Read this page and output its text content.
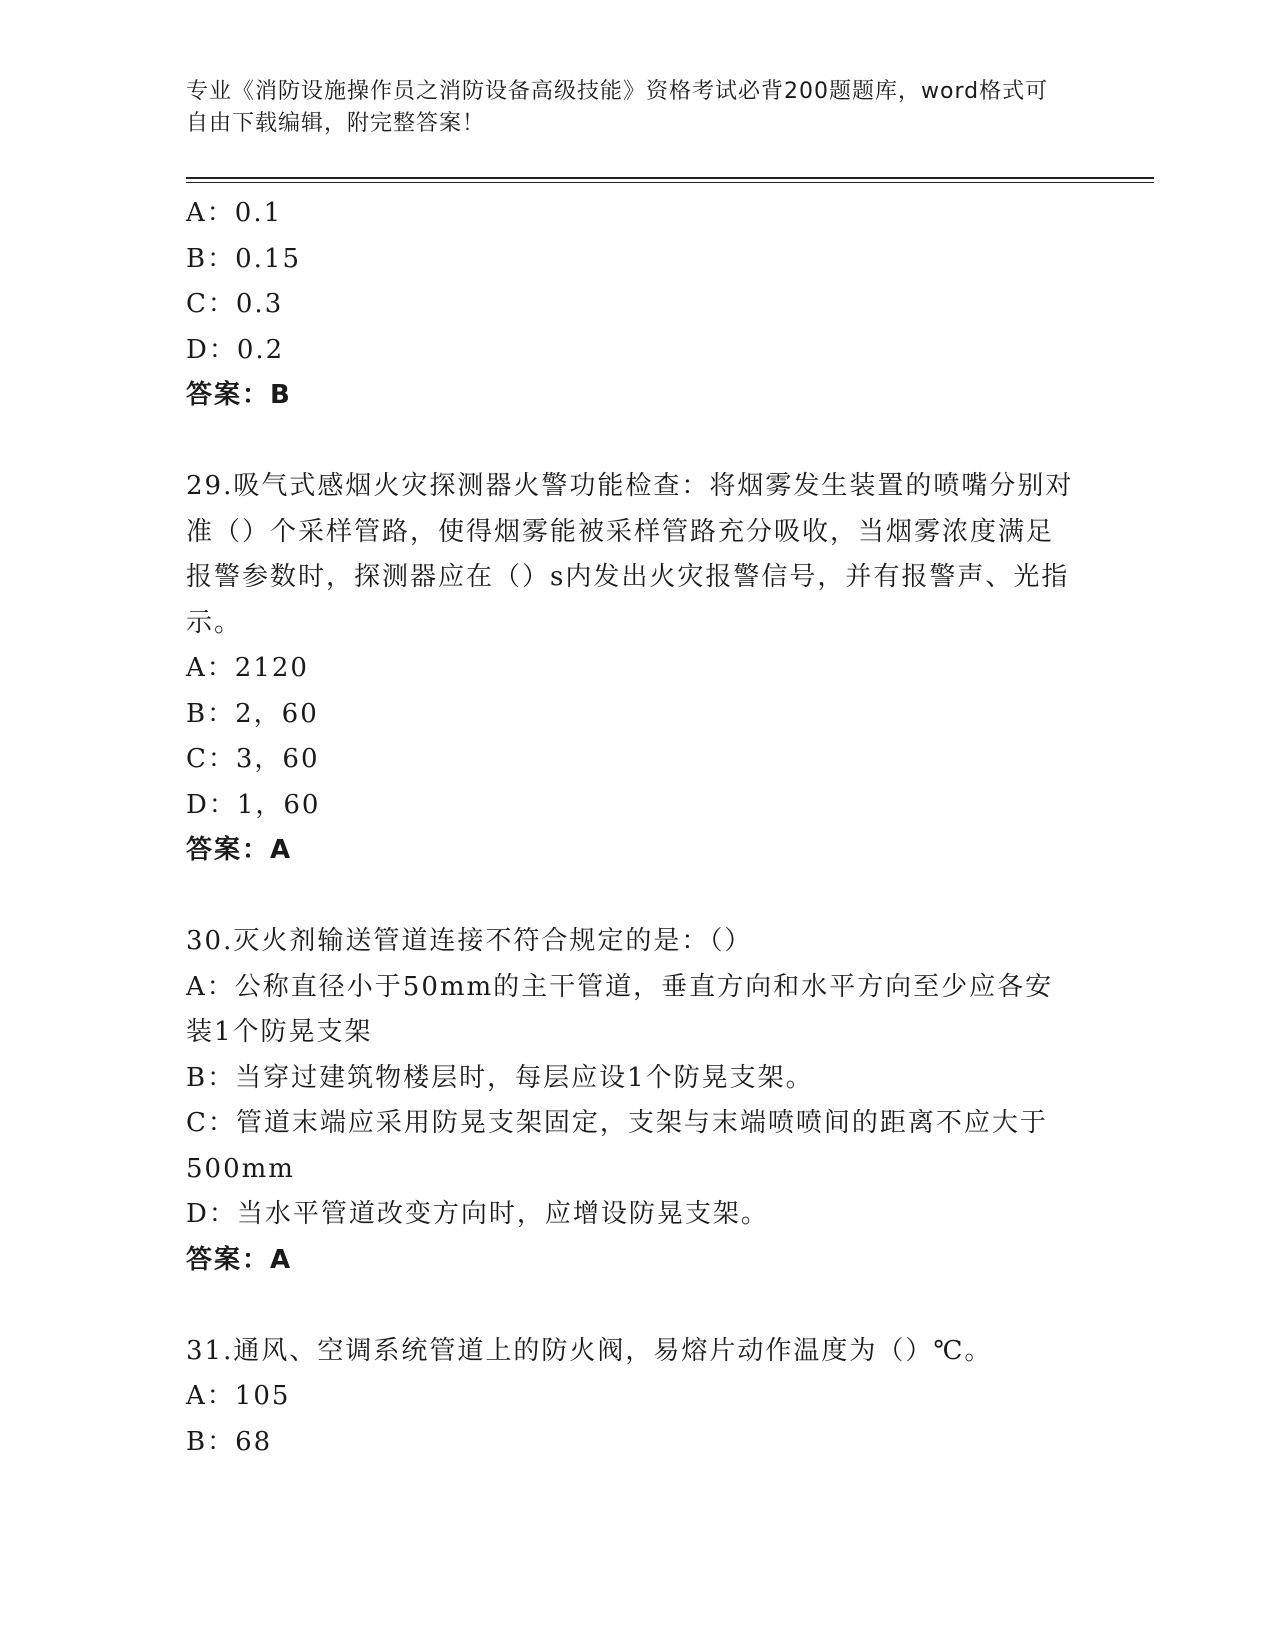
专业《消防设施操作员之消防设备高级技能》资格考试必背200题题库，word格式可自由下载编辑，附完整答案！
A：0.1
B：0.15
C：0.3
D：0.2
答案：B
29.吸气式感烟火灾探测器火警功能检查：将烟雾发生装置的喷嘴分别对准（）个采样管路，使得烟雾能被采样管路充分吸收，当烟雾浓度满足报警参数时，探测器应在（）s内发出火灾报警信号，并有报警声、光指示。
A：2120
B：2，60
C：3，60
D：1，60
答案：A
30.灭火剂输送管道连接不符合规定的是：（）
A：公称直径小于50mm的主干管道，垂直方向和水平方向至少应各安装1个防晃支架
B：当穿过建筑物楼层时，每层应设1个防晃支架。
C：管道末端应采用防晃支架固定，支架与末端喷喷间的距离不应大于500mm
D：当水平管道改变方向时，应增设防晃支架。
答案：A
31.通风、空调系统管道上的防火阀，易熔片动作温度为（）℃。
A：105
B：68
